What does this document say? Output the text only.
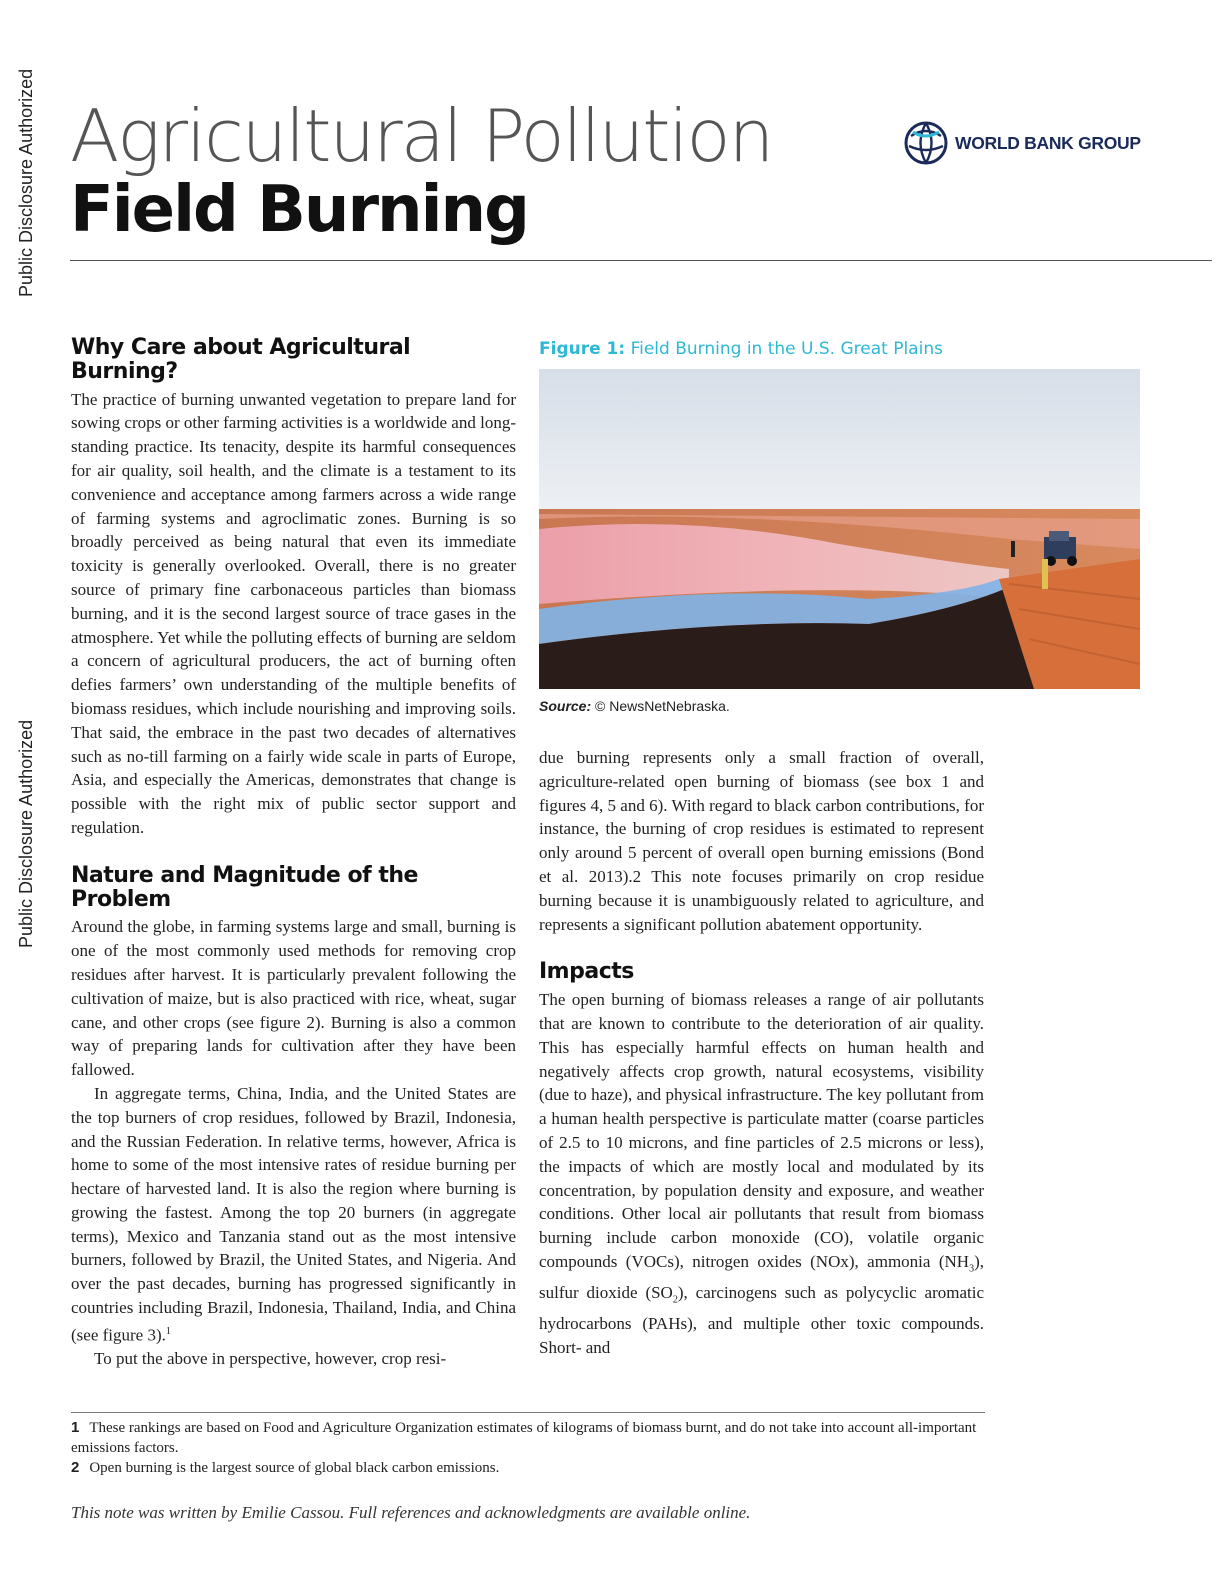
Public Disclosure Authorized
Public Disclosure Authorized
Agricultural Pollution
Field Burning
WORLD BANK GROUP
Why Care about Agricultural Burning?

The practice of burning unwanted vegetation to prepare land for sowing crops or other farming activities is a worldwide and long-standing practice. Its tenacity, despite its harmful consequences for air quality, soil health, and the climate is a testament to its convenience and acceptance among farmers across a wide range of farming systems and agroclimatic zones. Burning is so broadly perceived as being natural that even its immediate toxicity is generally overlooked. Overall, there is no greater source of primary fine carbonaceous particles than biomass burning, and it is the second largest source of trace gases in the atmosphere. Yet while the polluting effects of burning are seldom a concern of agricultural producers, the act of burning often defies farmers’ own understanding of the multiple benefits of biomass residues, which include nourishing and improving soils. That said, the embrace in the past two decades of alternatives such as no-till farming on a fairly wide scale in parts of Europe, Asia, and especially the Americas, demonstrates that change is possible with the right mix of public sector support and regulation.

Nature and Magnitude of the Problem

Around the globe, in farming systems large and small, burning is one of the most commonly used methods for removing crop residues after harvest. It is particularly prevalent following the cultivation of maize, but is also practiced with rice, wheat, sugar cane, and other crops (see figure 2). Burning is also a common way of preparing lands for cultivation after they have been fallowed.

In aggregate terms, China, India, and the United States are the top burners of crop residues, followed by Brazil, Indonesia, and the Russian Federation. In relative terms, however, Africa is home to some of the most intensive rates of residue burning per hectare of harvested land. It is also the region where burning is growing the fastest. Among the top 20 burners (in aggregate terms), Mexico and Tanzania stand out as the most intensive burners, followed by Brazil, the United States, and Nigeria. And over the past decades, burning has progressed significantly in countries including Brazil, Indonesia, Thailand, India, and China (see figure 3).$^1$

To put the above in perspective, however, crop resi-

Figure 1: Field Burning in the U.S. Great Plains
Source: © NewsNetNebraska.

due burning represents only a small fraction of overall, agriculture-related open burning of biomass (see box 1 and figures 4, 5 and 6). With regard to black carbon contributions, for instance, the burning of crop residues is estimated to represent only around 5 percent of overall open burning emissions (Bond et al. 2013).2 This note focuses primarily on crop residue burning because it is unambiguously related to agriculture, and represents a significant pollution abatement opportunity.

Impacts

The open burning of biomass releases a range of air pollutants that are known to contribute to the deterioration of air quality. This has especially harmful effects on human health and negatively affects crop growth, natural ecosystems, visibility (due to haze), and physical infrastructure. The key pollutant from a human health perspective is particulate matter (coarse particles of 2.5 to 10 microns, and fine particles of 2.5 microns or less), the impacts of which are mostly local and modulated by its concentration, by population density and exposure, and weather conditions. Other local air pollutants that result from biomass burning include carbon monoxide (CO), volatile organic compounds (VOCs), nitrogen oxides (NOx), ammonia $(NH_3)$, sulfur dioxide $(SO_2)$, carcinogens such as polycyclic aromatic hydrocarbons (PAHs), and multiple other toxic compounds. Short- and

1 These rankings are based on Food and Agriculture Organization estimates of kilograms of biomass burnt, and do not take into account all-important emissions factors.

2 Open burning is the largest source of global black carbon emissions.

This note was written by Emilie Cassou. Full references and acknowledgments are available online.
